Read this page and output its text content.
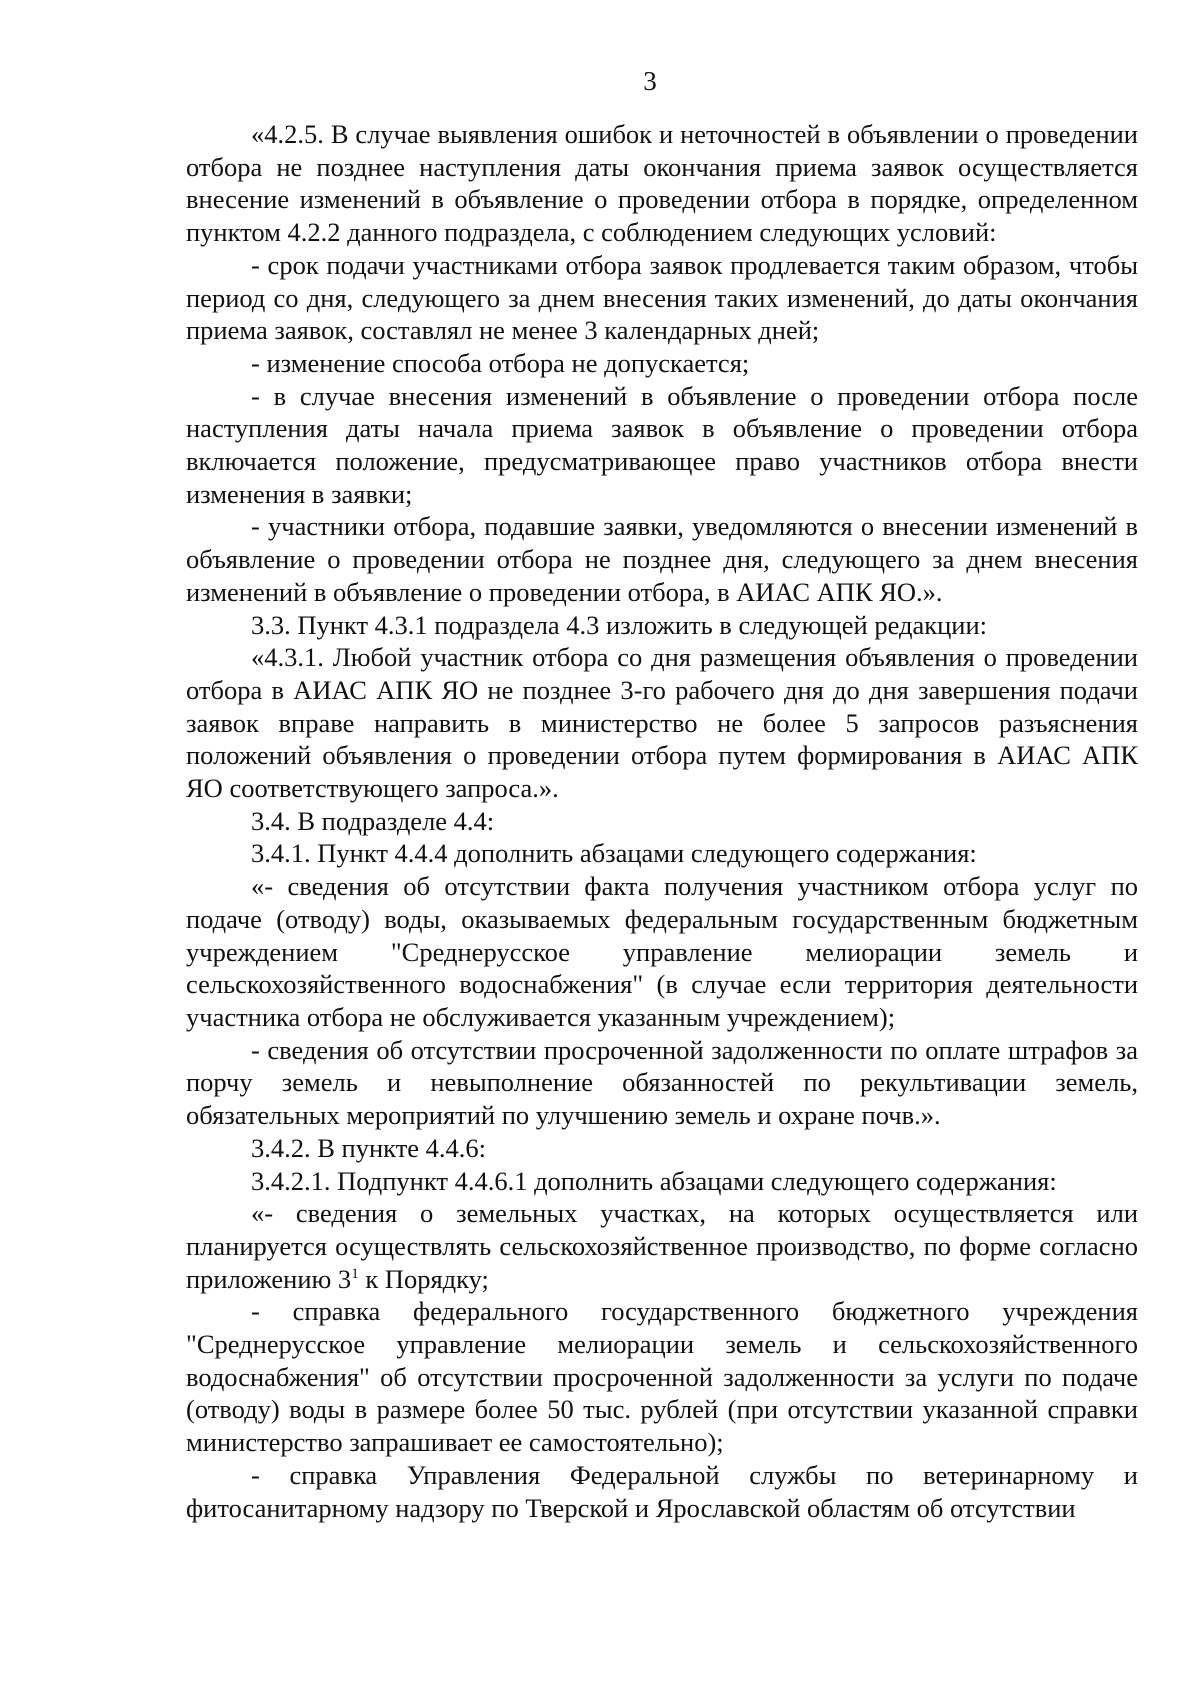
3

«4.2.5. В случае выявления ошибок и неточностей в объявлении о проведении отбора не позднее наступления даты окончания приема заявок осуществляется внесение изменений в объявление о проведении отбора в порядке, определенном пунктом 4.2.2 данного подраздела, с соблюдением следующих условий:

- срок подачи участниками отбора заявок продлевается таким образом, чтобы период со дня, следующего за днем внесения таких изменений, до даты окончания приема заявок, составлял не менее 3 календарных дней;

- изменение способа отбора не допускается;

- в случае внесения изменений в объявление о проведении отбора после наступления даты начала приема заявок в объявление о проведении отбора включается положение, предусматривающее право участников отбора внести изменения в заявки;

- участники отбора, подавшие заявки, уведомляются о внесении изменений в объявление о проведении отбора не позднее дня, следующего за днем внесения изменений в объявление о проведении отбора, в АИАС АПК ЯО.».

3.3. Пункт 4.3.1 подраздела 4.3 изложить в следующей редакции:

«4.3.1. Любой участник отбора со дня размещения объявления о проведении отбора в АИАС АПК ЯО не позднее 3-го рабочего дня до дня завершения подачи заявок вправе направить в министерство не более 5 запросов разъяснения положений объявления о проведении отбора путем формирования в АИАС АПК ЯО соответствующего запроса.».

3.4. В подразделе 4.4:

3.4.1. Пункт 4.4.4 дополнить абзацами следующего содержания:

«- сведения об отсутствии факта получения участником отбора услуг по подаче (отводу) воды, оказываемых федеральным государственным бюджетным учреждением "Среднерусское управление мелиорации земель и сельскохозяйственного водоснабжения" (в случае если территория деятельности участника отбора не обслуживается указанным учреждением);

- сведения об отсутствии просроченной задолженности по оплате штрафов за порчу земель и невыполнение обязанностей по рекультивации земель, обязательных мероприятий по улучшению земель и охране почв.».

3.4.2. В пункте 4.4.6:

3.4.2.1. Подпункт 4.4.6.1 дополнить абзацами следующего содержания:

«- сведения о земельных участках, на которых осуществляется или планируется осуществлять сельскохозяйственное производство, по форме согласно приложению $3^1$ к Порядку;

- справка федерального государственного бюджетного учреждения "Среднерусское управление мелиорации земель и сельскохозяйственного водоснабжения" об отсутствии просроченной задолженности за услуги по подаче (отводу) воды в размере более 50 тыс. рублей (при отсутствии указанной справки министерство запрашивает ее самостоятельно);

- справка Управления Федеральной службы по ветеринарному и фитосанитарному надзору по Тверской и Ярославской областям об отсутствии
